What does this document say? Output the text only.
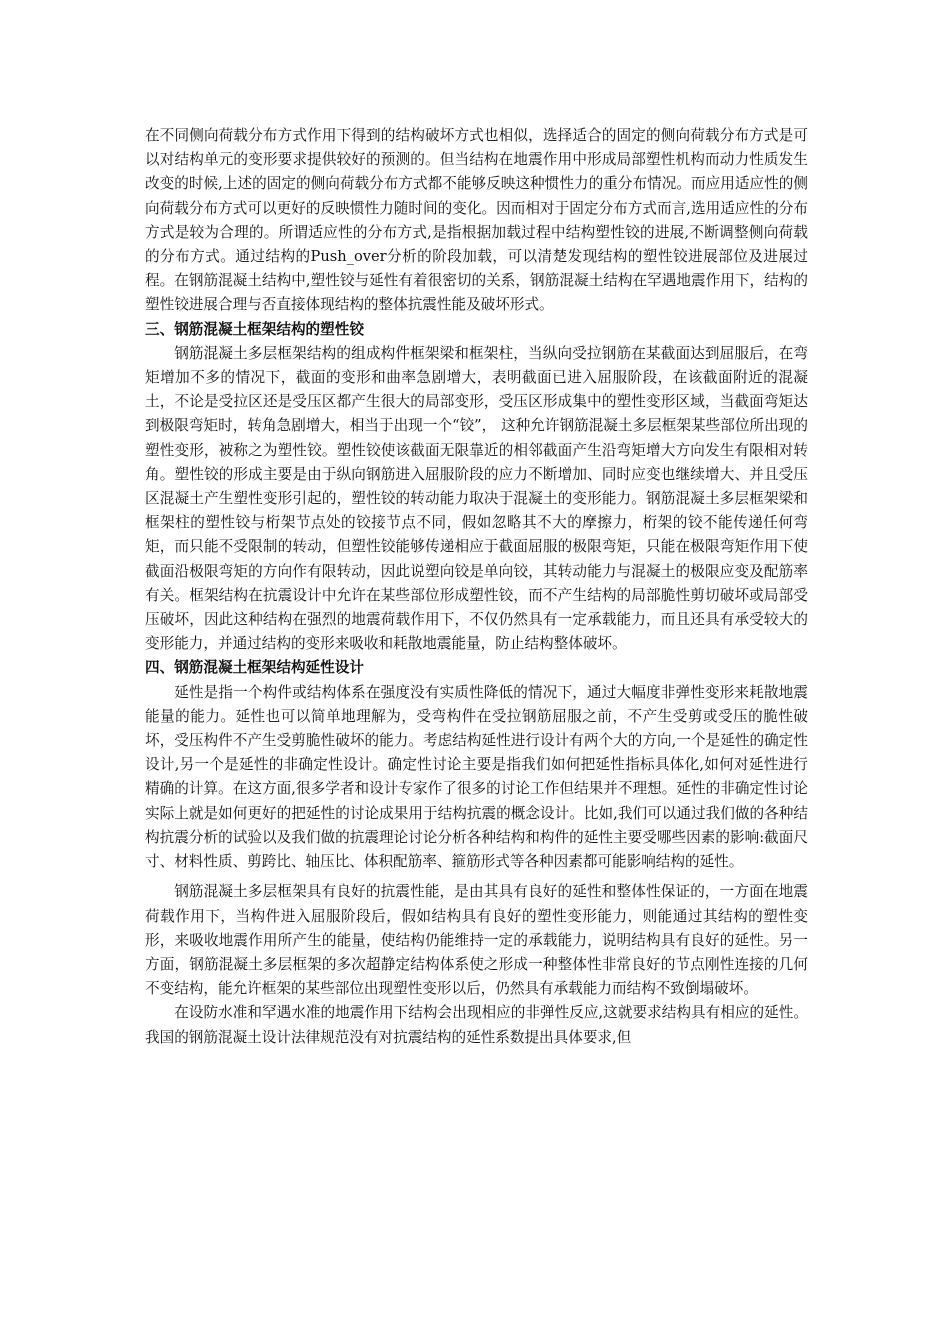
在不同侧向荷载分布方式作用下得到的结构破坏方式也相似，选择适合的固定的侧向荷载分布方式是可以对结构单元的变形要求提供较好的预测的。但当结构在地震作用中形成局部塑性机构而动力性质发生改变的时候,上述的固定的侧向荷载分布方式都不能够反映这种惯性力的重分布情况。而应用适应性的侧向荷载分布方式可以更好的反映惯性力随时间的变化。因而相对于固定分布方式而言,选用适应性的分布方式是较为合理的。所谓适应性的分布方式,是指根据加载过程中结构塑性铰的进展,不断调整侧向荷载的分布方式。通过结构的Push_over分析的阶段加载，可以清楚发现结构的塑性铰进展部位及进展过程。在钢筋混凝土结构中,塑性铰与延性有着很密切的关系，钢筋混凝土结构在罕遇地震作用下，结构的塑性铰进展合理与否直接体现结构的整体抗震性能及破坏形式。

三、钢筋混凝土框架结构的塑性铰

钢筋混凝土多层框架结构的组成构件框架梁和框架柱，当纵向受拉钢筋在某截面达到屈服后，在弯矩增加不多的情况下，截面的变形和曲率急剧增大，表明截面已进入屈服阶段，在该截面附近的混凝土，不论是受拉区还是受压区都产生很大的局部变形，受压区形成集中的塑性变形区域，当截面弯矩达到极限弯矩时，转角急剧增大，相当于出现一个“铰”， 这种允许钢筋混凝土多层框架某些部位所出现的塑性变形，被称之为塑性铰。塑性铰使该截面无限靠近的相邻截面产生沿弯矩增大方向发生有限相对转角。塑性铰的形成主要是由于纵向钢筋进入屈服阶段的应力不断增加、同时应变也继续增大、并且受压区混凝土产生塑性变形引起的，塑性铰的转动能力取决于混凝土的变形能力。钢筋混凝土多层框架梁和框架柱的塑性铰与桁架节点处的铰接节点不同，假如忽略其不大的摩擦力，桁架的铰不能传递任何弯矩，而只能不受限制的转动，但塑性铰能够传递相应于截面屈服的极限弯矩，只能在极限弯矩作用下使截面沿极限弯矩的方向作有限转动，因此说塑向铰是单向铰，其转动能力与混凝土的极限应变及配筋率有关。框架结构在抗震设计中允许在某些部位形成塑性铰，而不产生结构的局部脆性剪切破坏或局部受压破坏，因此这种结构在强烈的地震荷载作用下，不仅仍然具有一定承载能力，而且还具有承受较大的变形能力，并通过结构的变形来吸收和耗散地震能量，防止结构整体破坏。

四、钢筋混凝土框架结构延性设计

延性是指一个构件或结构体系在强度没有实质性降低的情况下，通过大幅度非弹性变形来耗散地震能量的能力。延性也可以简单地理解为，受弯构件在受拉钢筋屈服之前，不产生受剪或受压的脆性破坏，受压构件不产生受剪脆性破坏的能力。考虑结构延性进行设计有两个大的方向,一个是延性的确定性设计,另一个是延性的非确定性设计。确定性讨论主要是指我们如何把延性指标具体化,如何对延性进行精确的计算。在这方面,很多学者和设计专家作了很多的讨论工作但结果并不理想。延性的非确定性讨论实际上就是如何更好的把延性的讨论成果用于结构抗震的概念设计。比如,我们可以通过我们做的各种结构抗震分析的试验以及我们做的抗震理论讨论分析各种结构和构件的延性主要受哪些因素的影响:截面尺寸、材料性质、剪跨比、轴压比、体积配筋率、箍筋形式等各种因素都可能影响结构的延性。

钢筋混凝土多层框架具有良好的抗震性能，是由其具有良好的延性和整体性保证的，一方面在地震荷载作用下，当构件进入屈服阶段后，假如结构具有良好的塑性变形能力，则能通过其结构的塑性变形，来吸收地震作用所产生的能量，使结构仍能维持一定的承载能力，说明结构具有良好的延性。另一方面，钢筋混凝土多层框架的多次超静定结构体系使之形成一种整体性非常良好的节点刚性连接的几何不变结构，能允许框架的某些部位出现塑性变形以后，仍然具有承载能力而结构不致倒塌破坏。

在设防水准和罕遇水准的地震作用下结构会出现相应的非弹性反应,这就要求结构具有相应的延性。我国的钢筋混凝土设计法律规范没有对抗震结构的延性系数提出具体要求,但
